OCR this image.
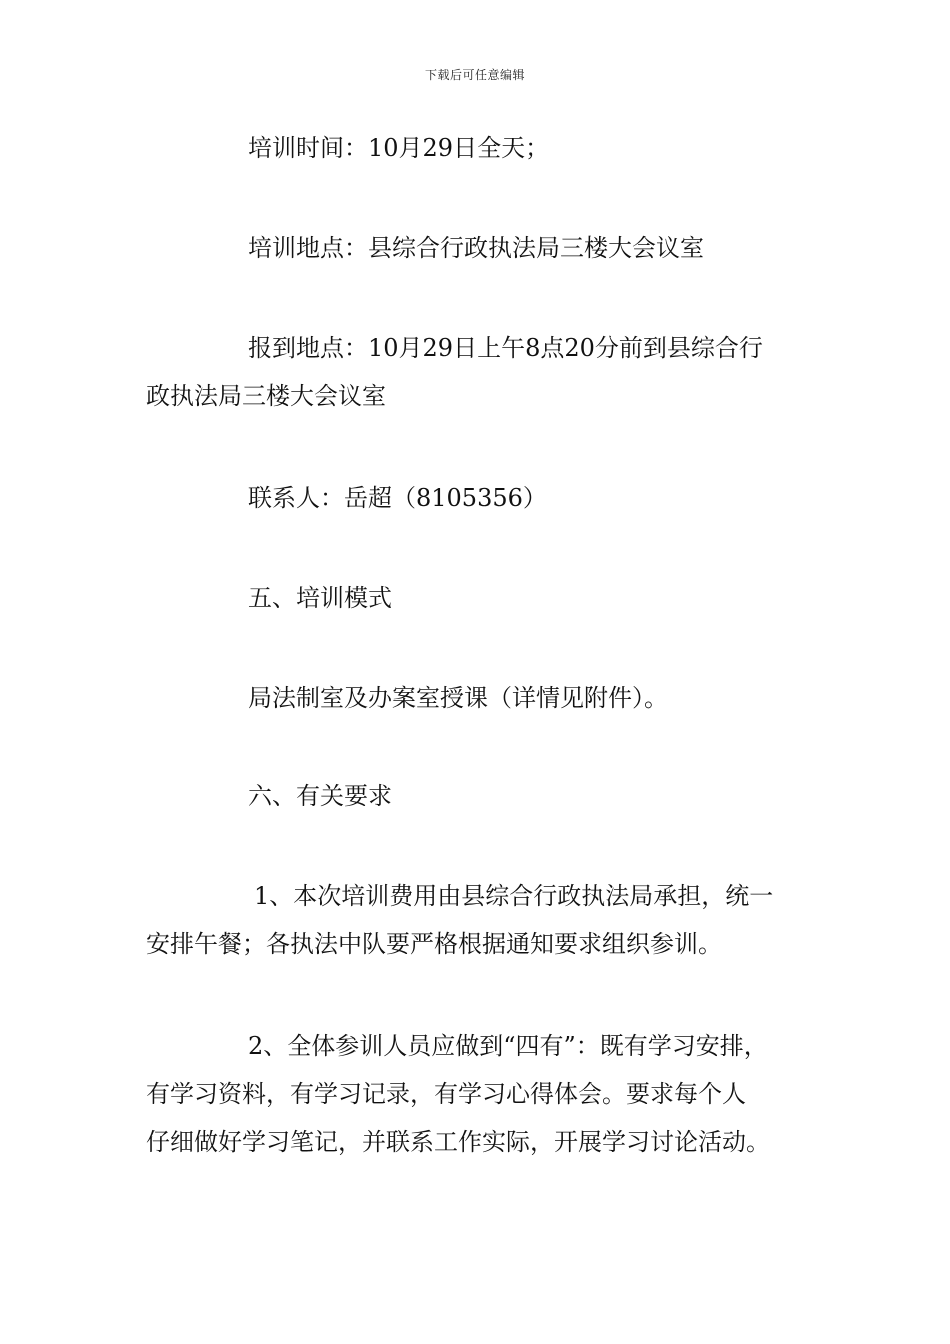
下载后可任意编辑
培训时间：10月29日全天；
培训地点：县综合行政执法局三楼大会议室
报到地点：10月29日上午8点20分前到县综合行
政执法局三楼大会议室
联系人：岳超（8105356）
五、培训模式
局法制室及办案室授课（详情见附件）。
六、有关要求
1、本次培训费用由县综合行政执法局承担，统一
安排午餐；各执法中队要严格根据通知要求组织参训。
2、全体参训人员应做到“四有”：既有学习安排，
有学习资料，有学习记录，有学习心得体会。要求每个人
仔细做好学习笔记，并联系工作实际，开展学习讨论活动。
